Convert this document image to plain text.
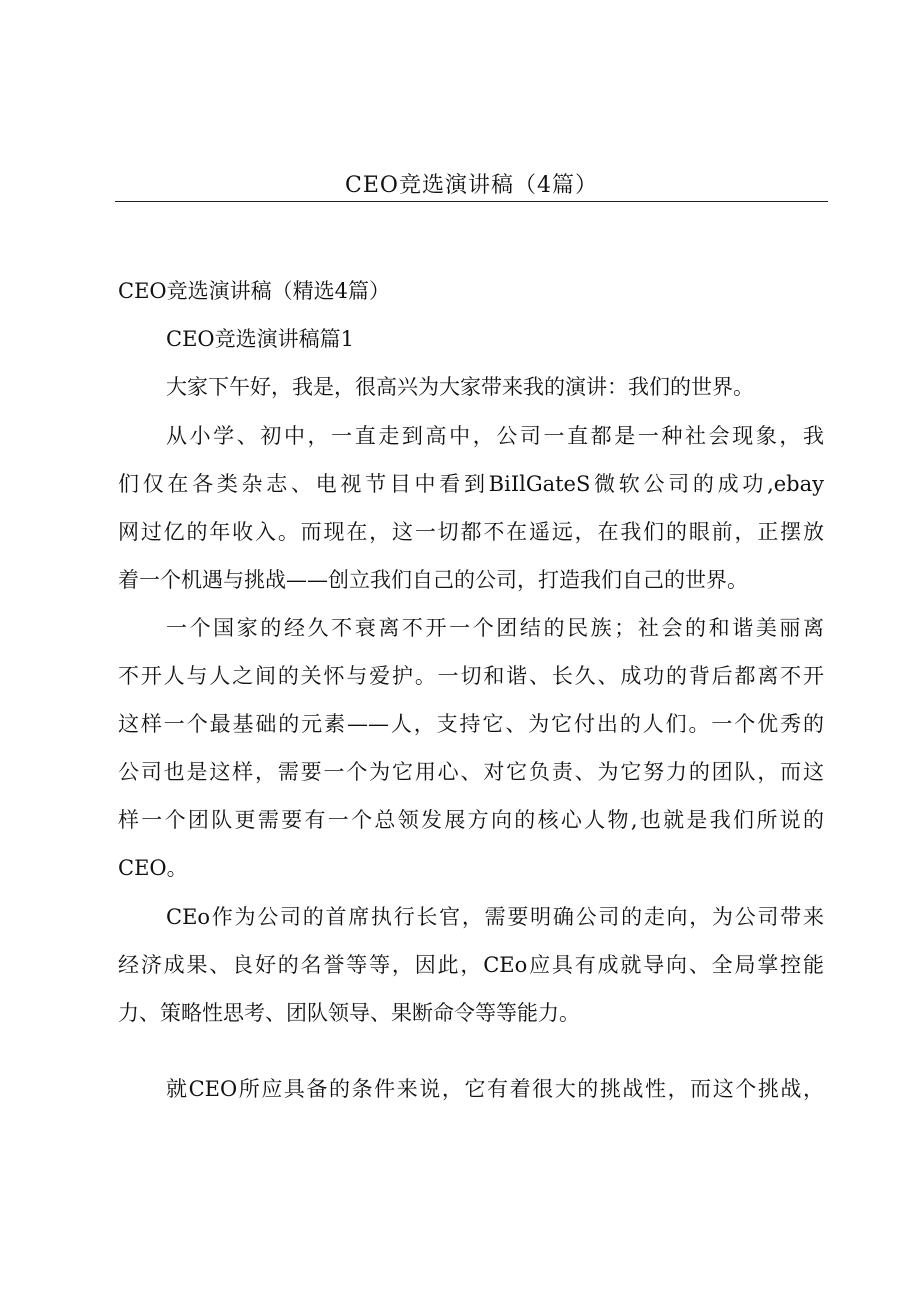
CEO竞选演讲稿（4篇）
CEO竞选演讲稿（精选4篇）
CEO竞选演讲稿篇1
大家下午好，我是，很高兴为大家带来我的演讲：我们的世界。
从小学、初中，一直走到高中，公司一直都是一种社会现象，我
们仅在各类杂志、电视节目中看到BiIlGateS微软公司的成功,ebay
网过亿的年收入。而现在，这一切都不在遥远，在我们的眼前，正摆放
着一个机遇与挑战——创立我们自己的公司，打造我们自己的世界。
一个国家的经久不衰离不开一个团结的民族；社会的和谐美丽离
不开人与人之间的关怀与爱护。一切和谐、长久、成功的背后都离不开
这样一个最基础的元素——人，支持它、为它付出的人们。一个优秀的
公司也是这样，需要一个为它用心、对它负责、为它努力的团队，而这
样一个团队更需要有一个总领发展方向的核心人物,也就是我们所说的
CEO。
CEo作为公司的首席执行长官，需要明确公司的走向，为公司带来
经济成果、良好的名誉等等，因此，CEo应具有成就导向、全局掌控能
力、策略性思考、团队领导、果断命令等等能力。
就CEO所应具备的条件来说，它有着很大的挑战性，而这个挑战，
